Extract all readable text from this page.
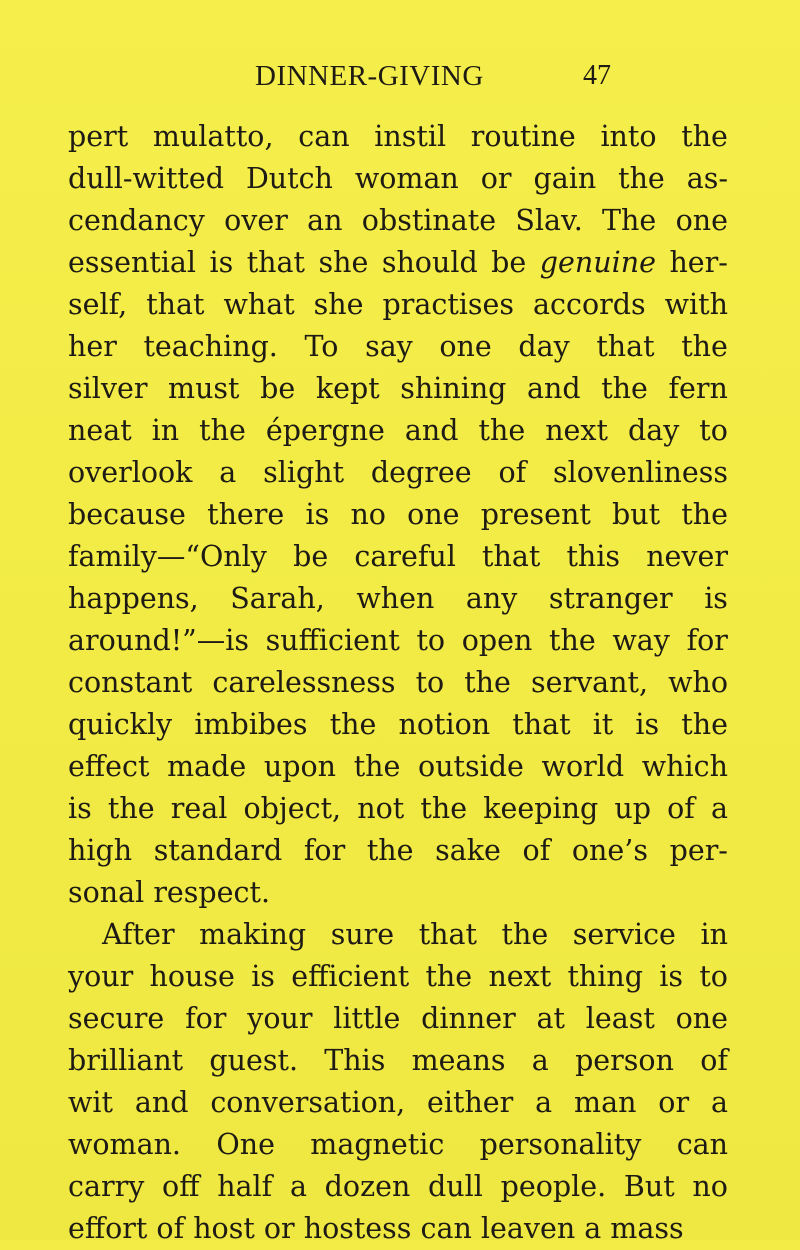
DINNER-GIVING	47
pert mulatto, can instil routine into the
dull-witted Dutch woman or gain the as-
cendancy over an obstinate Slav. The one
essential is that she should be genuine her-
self, that what she practises accords with
her teaching. To say one day that the
silver must be kept shining and the fern
neat in the épergne and the next day to
overlook a slight degree of slovenliness
because there is no one present but the
family—“Only be careful that this never
happens, Sarah, when any stranger is
around!”—is sufficient to open the way for
constant carelessness to the servant, who
quickly imbibes the notion that it is the
effect made upon the outside world which
is the real object, not the keeping up of a
high standard for the sake of one’s per-
sonal
respect.
After making sure that the service in
your house is efficient the next thing is to
secure for your little dinner at least one
brilliant guest. This means a person of
wit and conversation, either a man or a
woman. One magnetic personality can
carry off half a dozen dull people. But no
effort
of
host
or
hostess
can
leaven
a
mass
